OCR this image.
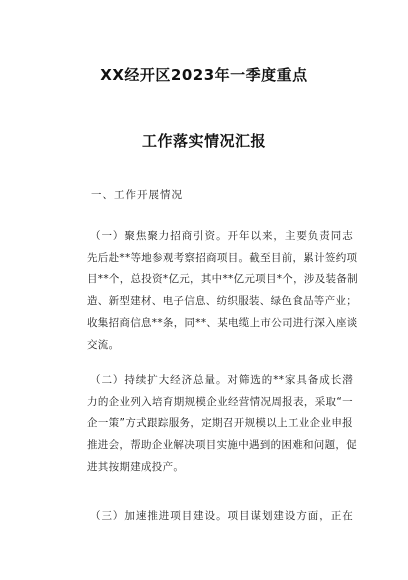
XX经开区2023年一季度重点
工作落实情况汇报
一、工作开展情况
（一）聚焦聚力招商引资。开年以来，主要负责同志
先后赴**等地参观考察招商项目。截至目前，累计签约项
目**个，总投资*亿元，其中**亿元项目*个，涉及装备制
造、新型建材、电子信息、纺织服装、绿色食品等产业；
收集招商信息**条，同**、某电缆上市公司进行深入座谈
交流。
（二）持续扩大经济总量。对筛选的**家具备成长潜
力的企业列入培育期规模企业经营情况周报表，采取“一
企一策”方式跟踪服务，定期召开规模以上工业企业申报
推进会，帮助企业解决项目实施中遇到的困难和问题，促
进其按期建成投产。
（三）加速推进项目建设。项目谋划建设方面，正在
